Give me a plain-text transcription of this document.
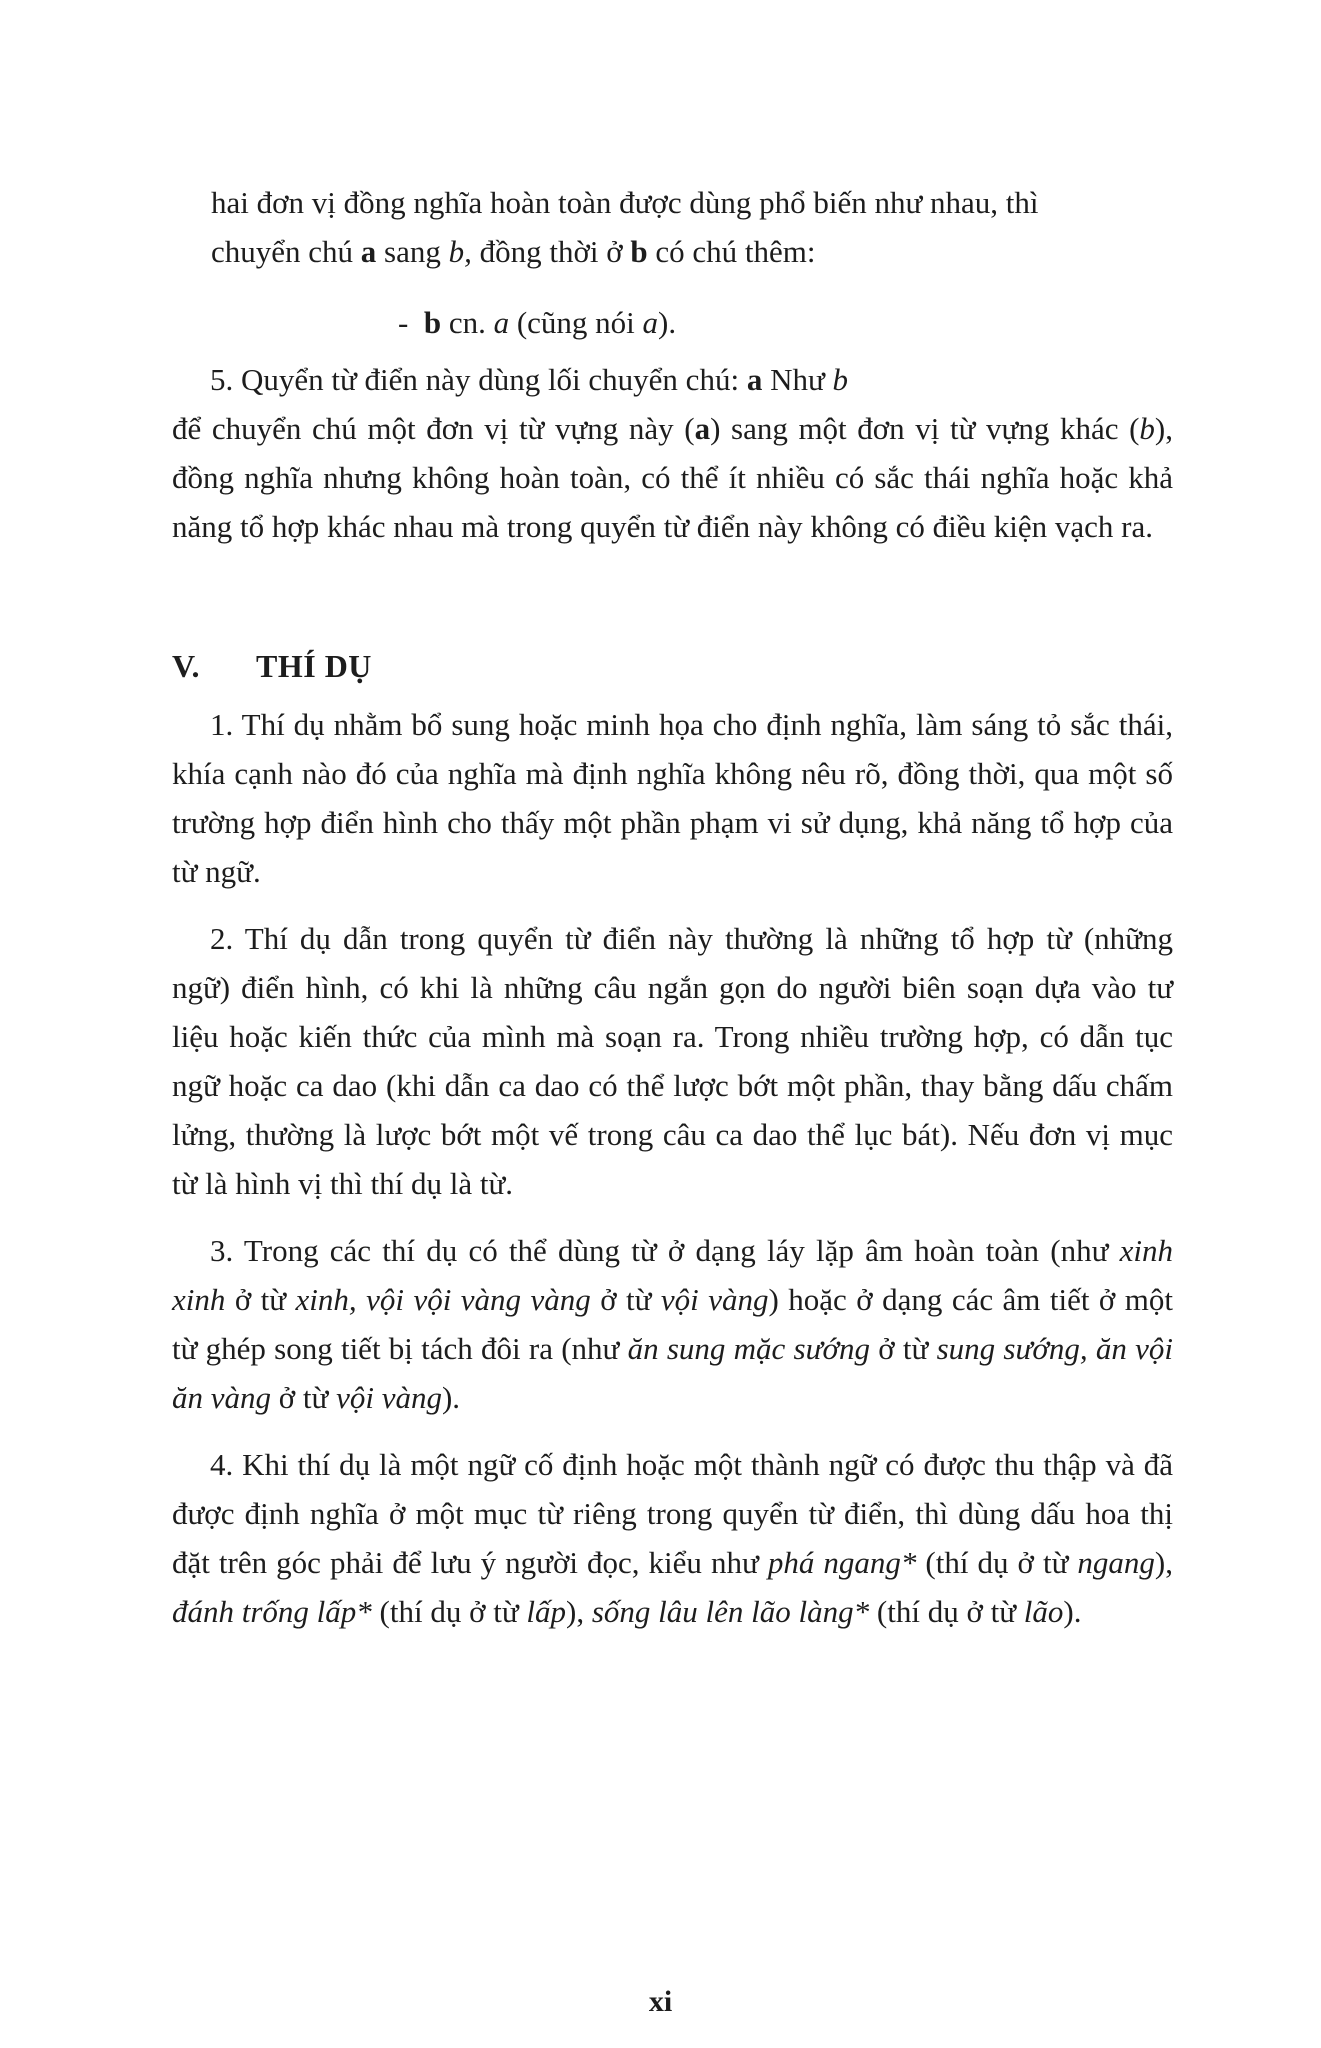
hai đơn vị đồng nghĩa hoàn toàn được dùng phổ biến như nhau, thì

chuyển chú a sang b, đồng thời ở b có chú thêm:

- b cn. a (cũng nói a).

5. Quyển từ điển này dùng lối chuyển chú: a Như b
để chuyển chú một đơn vị từ vựng này (a) sang một đơn vị từ vựng khác (b), đồng nghĩa nhưng không hoàn toàn, có thể ít nhiều có sắc thái nghĩa hoặc khả năng tổ hợp khác nhau mà trong quyển từ điển này không có điều kiện vạch ra.

V. THÍ DỤ

1. Thí dụ nhằm bổ sung hoặc minh họa cho định nghĩa, làm sáng tỏ sắc thái, khía cạnh nào đó của nghĩa mà định nghĩa không nêu rõ, đồng thời, qua một số trường hợp điển hình cho thấy một phần phạm vi sử dụng, khả năng tổ hợp của từ ngữ.

2. Thí dụ dẫn trong quyển từ điển này thường là những tổ hợp từ (những ngữ) điển hình, có khi là những câu ngắn gọn do người biên soạn dựa vào tư liệu hoặc kiến thức của mình mà soạn ra. Trong nhiều trường hợp, có dẫn tục ngữ hoặc ca dao (khi dẫn ca dao có thể lược bớt một phần, thay bằng dấu chấm lửng, thường là lược bớt một vế trong câu ca dao thể lục bát). Nếu đơn vị mục từ là hình vị thì thí dụ là từ.

3. Trong các thí dụ có thể dùng từ ở dạng láy lặp âm hoàn toàn (như xinh xinh ở từ xinh, vội vội vàng vàng ở từ vội vàng) hoặc ở dạng các âm tiết ở một từ ghép song tiết bị tách đôi ra (như ăn sung mặc sướng ở từ sung sướng, ăn vội ăn vàng ở từ vội vàng).

4. Khi thí dụ là một ngữ cố định hoặc một thành ngữ có được thu thập và đã được định nghĩa ở một mục từ riêng trong quyển từ điển, thì dùng dấu hoa thị đặt trên góc phải để lưu ý người đọc, kiểu như phá ngang* (thí dụ ở từ ngang), đánh trống lấp* (thí dụ ở từ lấp), sống lâu lên lão làng* (thí dụ ở từ lão).

xi
